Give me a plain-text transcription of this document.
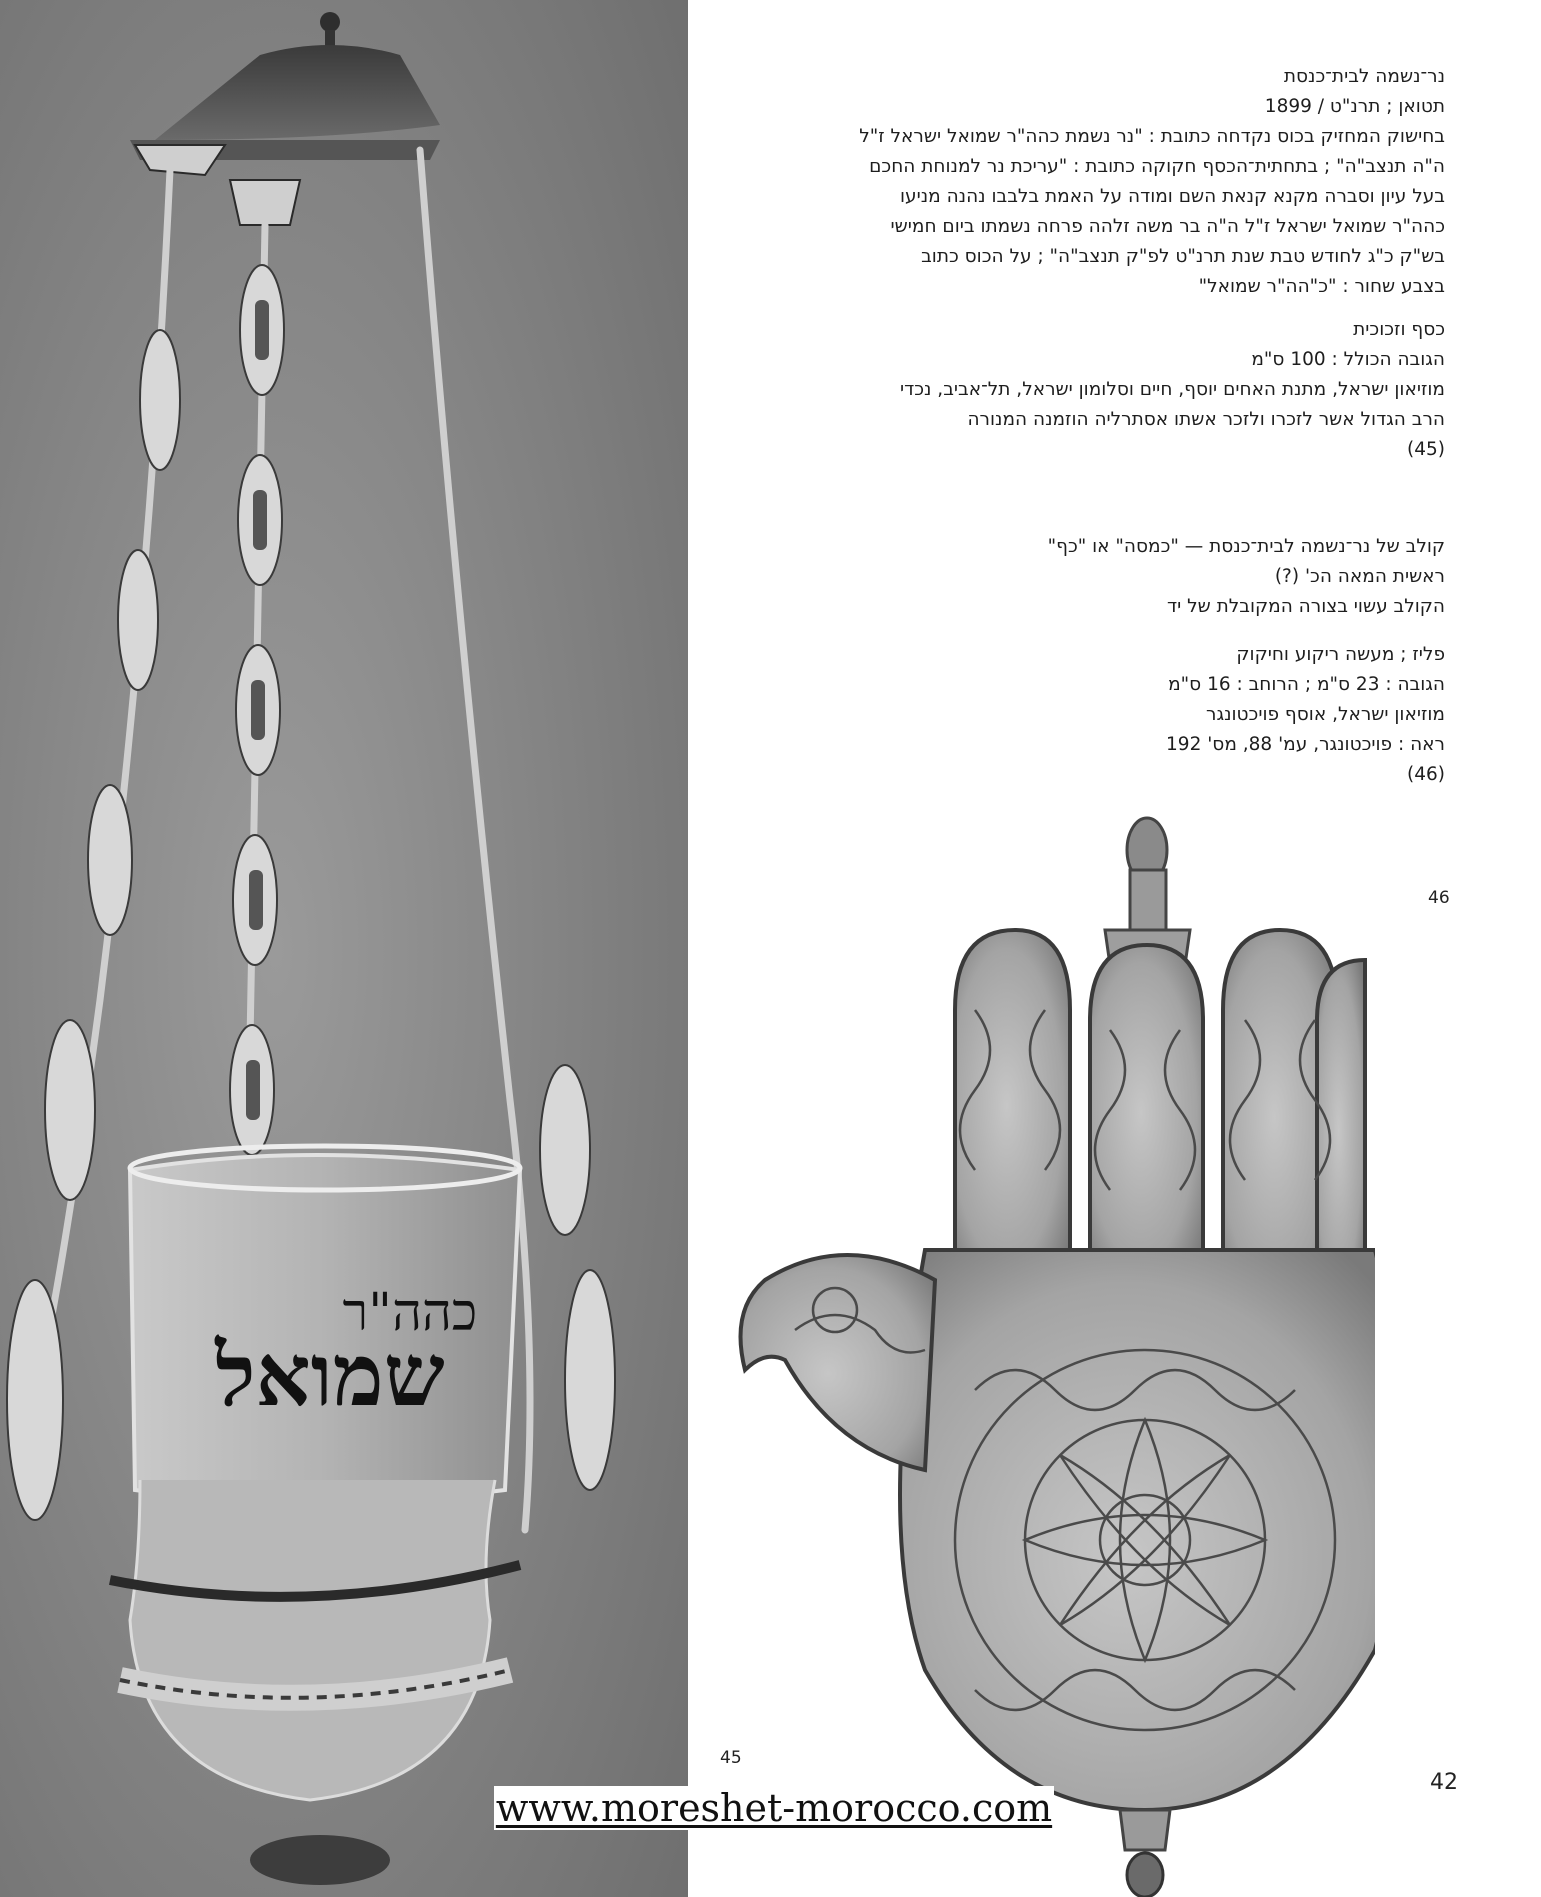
כהה"ר
שמואל

נר־נשמה לבית־כנסת

תטואן ; תרנ"ט / 1899

בחישוק המחזיק בכוס נקדחה כתובת : "נר נשמת כהה"ר שמואל ישראל ז"ל

ה"ה תנצב"ה" ; בתחתית־הכסף חקוקה כתובת : "עריכת נר למנוחת החכם

בעל עיון וסברה מקנא קנאת השם ומודה על האמת בלבבו נהנה מניעו

כהה"ר שמואל ישראל ז"ל ה"ה בר משה זלהה פרחה נשמתו ביום חמישי

בש"ק כ"ג לחודש טבת שנת תרנ"ט לפ"ק תנצב"ה" ; על הכוס כתוב

בצבע שחור : "כ"הה"ר שמואל"

כסף וזכוכית

הגובה הכולל : 100 ס"מ

מוזיאון ישראל, מתנת האחים יוסף, חיים וסלומון ישראל, תל־אביב, נכדי

הרב הגדול אשר לזכרו ולזכר אשתו אסתרליה הוזמנה המנורה

(45)

קולב של נר־נשמה לבית־כנסת — "כמסה" או "כף"

ראשית המאה הכ' (?)

הקולב עשוי בצורה המקובלת של יד

פליז ; מעשה ריקוע וחיקוק

הגובה : 23 ס"מ ; הרוחב : 16 ס"מ

מוזיאון ישראל, אוסף פויכטונגר

ראה : פויכטונגר, עמ' 88, מס' 192

(46)

45
46
42
www.moreshet-morocco.com
